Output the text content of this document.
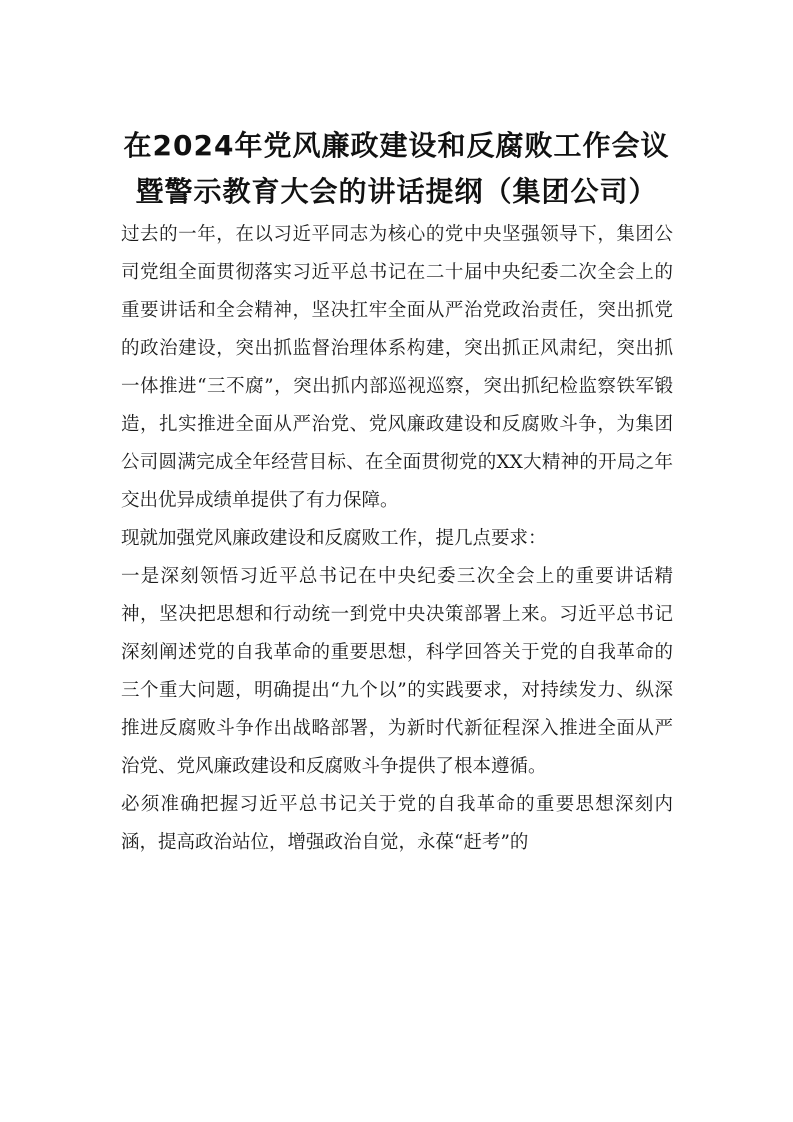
在2024年党风廉政建设和反腐败工作会议
暨警示教育大会的讲话提纲（集团公司）

过去的一年，在以习近平同志为核心的党中央坚强领导下，集团公司党组全面贯彻落实习近平总书记在二十届中央纪委二次全会上的重要讲话和全会精神，坚决扛牢全面从严治党政治责任，突出抓党的政治建设，突出抓监督治理体系构建，突出抓正风肃纪，突出抓一体推进“三不腐”，突出抓内部巡视巡察，突出抓纪检监察铁军锻造，扎实推进全面从严治党、党风廉政建设和反腐败斗争，为集团公司圆满完成全年经营目标、在全面贯彻党的XX大精神的开局之年交出优异成绩单提供了有力保障。

现就加强党风廉政建设和反腐败工作，提几点要求：

一是深刻领悟习近平总书记在中央纪委三次全会上的重要讲话精神，坚决把思想和行动统一到党中央决策部署上来。习近平总书记深刻阐述党的自我革命的重要思想，科学回答关于党的自我革命的三个重大问题，明确提出“九个以”的实践要求，对持续发力、纵深推进反腐败斗争作出战略部署，为新时代新征程深入推进全面从严治党、党风廉政建设和反腐败斗争提供了根本遵循。

必须准确把握习近平总书记关于党的自我革命的重要思想深刻内涵，提高政治站位，增强政治自觉，永葆“赶考”的
